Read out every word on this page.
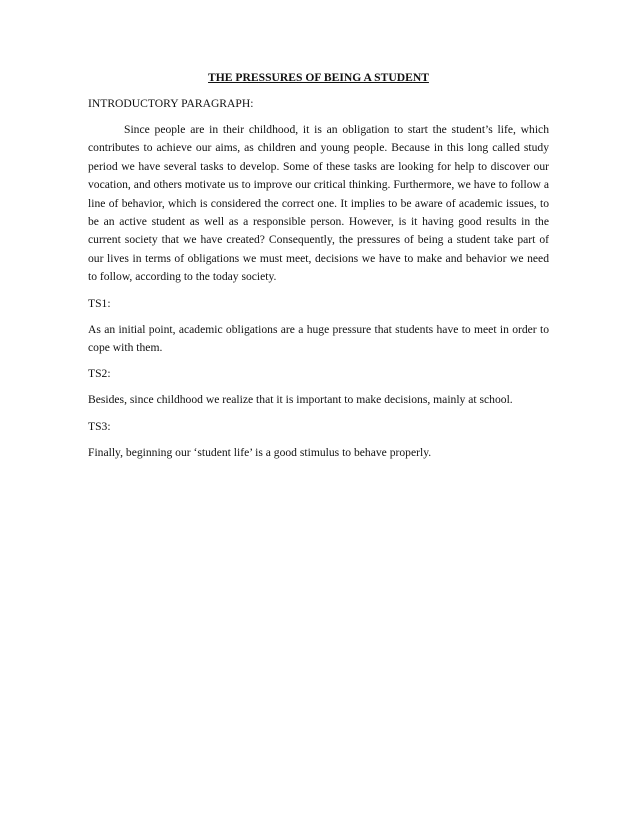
THE PRESSURES OF BEING A STUDENT
INTRODUCTORY PARAGRAPH:
Since people are in their childhood, it is an obligation to start the student’s life, which contributes to achieve our aims, as children and young people. Because in this long called study period we have several tasks to develop. Some of these tasks are looking for help to discover our vocation, and others motivate us to improve our critical thinking. Furthermore, we have to follow a line of behavior, which is considered the correct one. It implies to be aware of academic issues, to be an active student as well as a responsible person. However, is it having good results in the current society that we have created? Consequently, the pressures of being a student take part of our lives in terms of obligations we must meet, decisions we have to make and behavior we need to follow, according to the today society.
TS1:
As an initial point, academic obligations are a huge pressure that students have to meet in order to cope with them.
TS2:
Besides, since childhood we realize that it is important to make decisions, mainly at school.
TS3:
Finally, beginning our ‘student life’ is a good stimulus to behave properly.
